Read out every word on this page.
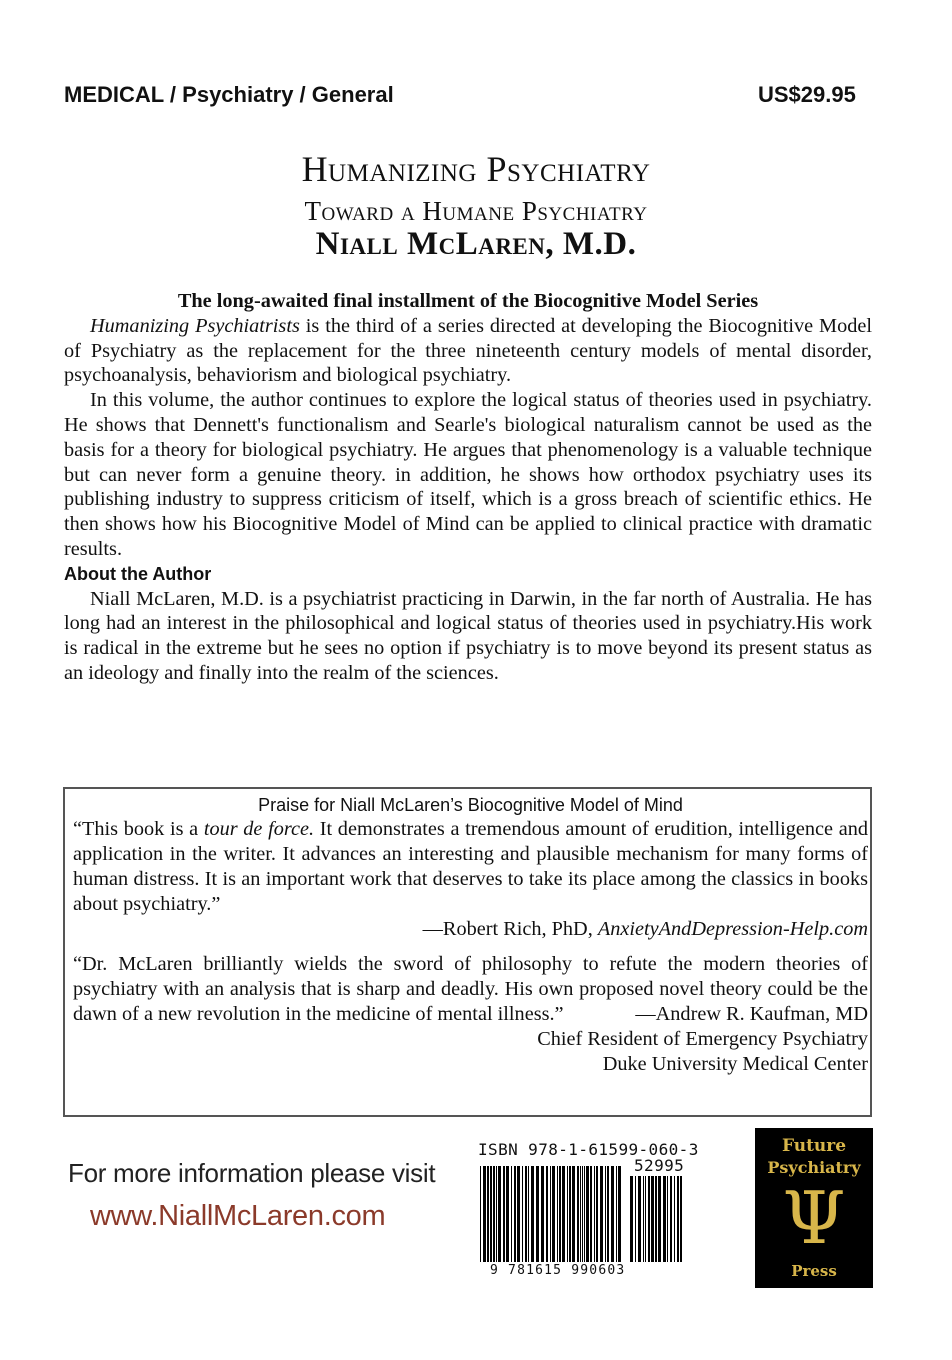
MEDICAL / Psychiatry / General	US$29.95
Humanizing Psychiatry
Toward a Humane Psychiatry
Niall McLaren, M.D.

The long-awaited final installment of the Biocognitive Model Series

Humanizing Psychiatrists is the third of a series directed at developing the Biocognitive Model of Psychiatry as the replacement for the three nineteenth century models of mental disorder, psychoanalysis, behaviorism and biological psychiatry.

In this volume, the author continues to explore the logical status of theories used in psychiatry. He shows that Dennett's functionalism and Searle's biological naturalism cannot be used as the basis for a theory for biological psychiatry. He argues that phenomenology is a valuable technique but can never form a genuine theory. in addition, he shows how orthodox psychiatry uses its publishing industry to suppress criticism of itself, which is a gross breach of scientific ethics. He then shows how his Biocognitive Model of Mind can be applied to clinical practice with dramatic results.

About the Author

Niall McLaren, M.D. is a psychiatrist practicing in Darwin, in the far north of Australia. He has long had an interest in the philosophical and logical status of theories used in psychiatry.His work is radical in the extreme but he sees no option if psychiatry is to move beyond its present status as an ideology and finally into the realm of the sciences.

Praise for Niall McLaren’s Biocognitive Model of Mind

“This book is a tour de force. It demonstrates a tremendous amount of erudition, intelligence and application in the writer. It advances an interesting and plausible mechanism for many forms of human distress. It is an important work that deserves to take its place among the classics in books about psychiatry.”

—Robert Rich, PhD, AnxietyAndDepression-Help.com

“Dr. McLaren brilliantly wields the sword of philosophy to refute the modern theories of psychiatry with an analysis that is sharp and deadly. His own proposed novel theory could be the dawn of a new revolution in the medicine of mental illness.”	—Andrew R. Kaufman, MD

Chief Resident of Emergency Psychiatry

Duke University Medical Center

For more information please visit
www.NiallMcLaren.com
ISBN 978-1-61599-060-3
52995
9 781615 990603
Future
Psychiatry
Ψ
Press
